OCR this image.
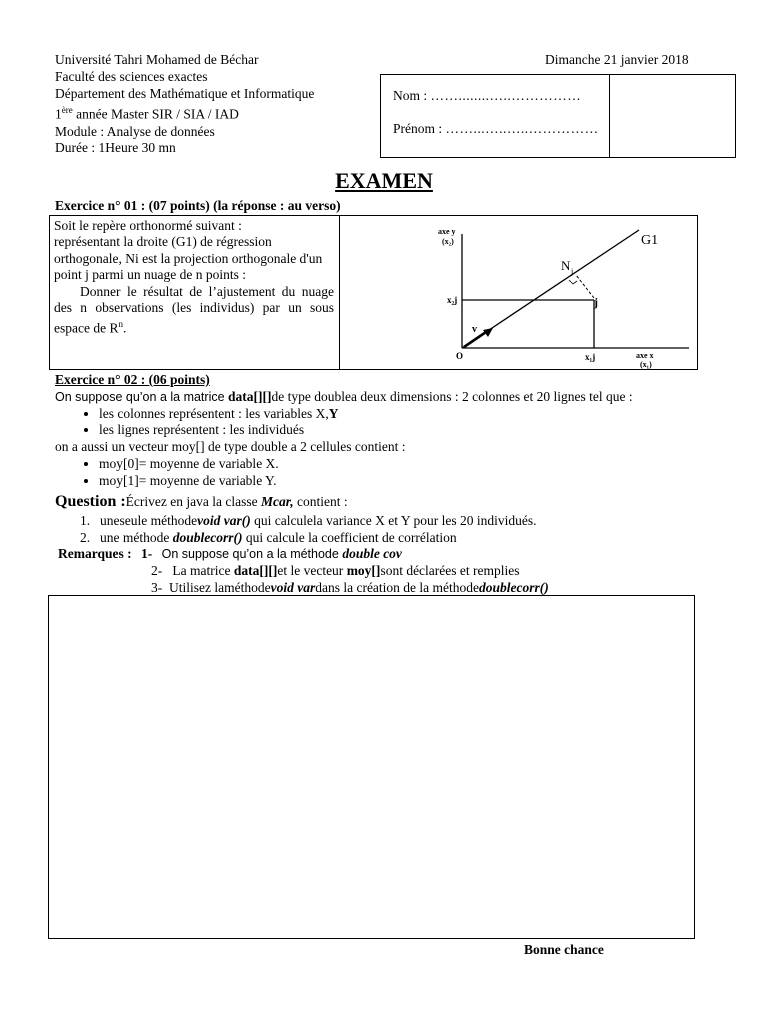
Université Tahri Mohamed de Béchar
Faculté des sciences exactes
Département des Mathématique et Informatique
1ère année Master SIR / SIA / IAD
Module : Analyse de données
Durée : 1Heure 30 mn
Dimanche 21 janvier 2018
Nom : ……........…..……………
Prénom : ……...…..…..……………
EXAMEN
Exercice n° 01 : (07 points) (la réponse : au verso)
Soit le repère orthonormé suivant :
représentant la droite (G1) de régression orthogonale, Ni est la projection orthogonale d'un point j parmi un nuage de n points :
Donner le résultat de l’ajustement du nuage des n observations (les individus) par un sous espace de $R^n$.
axe y
(x₂)
axe x
(x₁)
G1
N j
j
x₂j
x₁j
O
v
Exercice n° 02 : (06 points)
On suppose qu’on a la matrice data[][]de type doublea deux dimensions : 2 colonnes et 20 lignes tel que :
• les colonnes représentent : les variables X,Y
• les lignes représentent : les individués
on a aussi un vecteur moy[] de type double a 2 cellules contient :
• moy[0]= moyenne de variable X.
• moy[1]= moyenne de variable Y.
Question :Écrivez en java la classe Mcar, contient :
1. uneseule méthodevoid var() qui calculela variance X et Y pour les 20 individués.
2. une méthode doublecorr() qui calcule la coefficient de corrélation
Remarques : 1- On suppose qu’on a la méthode double cov
2- La matrice data[][]et le vecteur moy[]sont déclarées et remplies
3- Utilisez laméthodevoid vardans la création de la méthodedoublecorr()
Bonne chance
